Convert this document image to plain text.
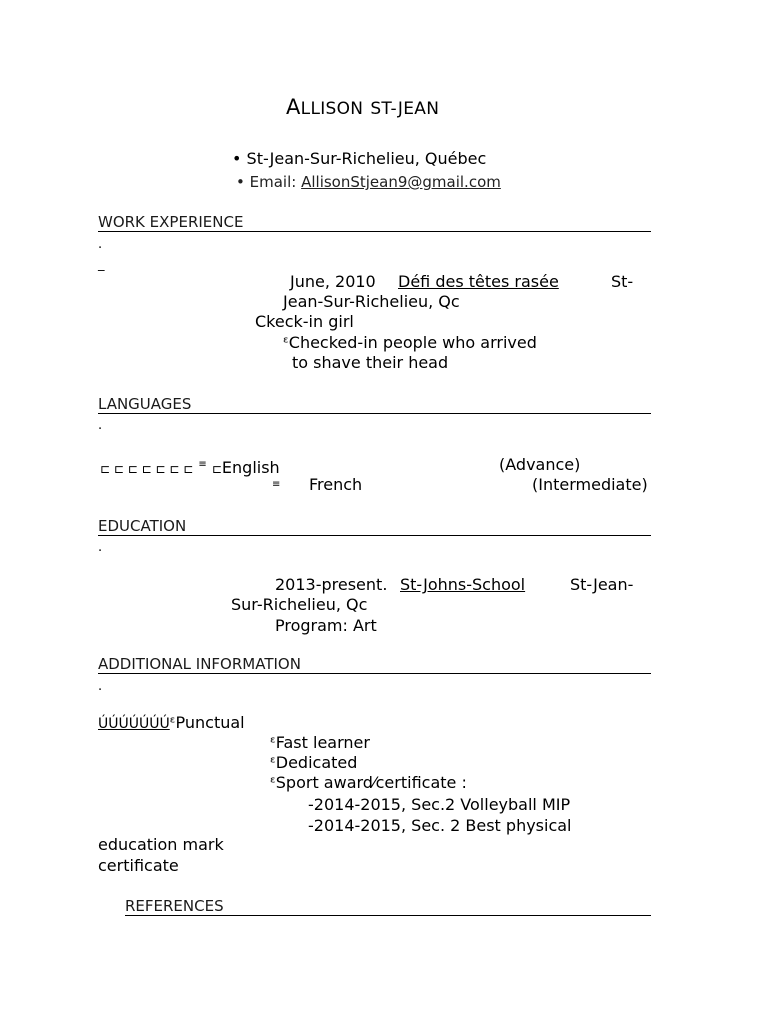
ALLISON ST-JEAN
• St-Jean-Sur-Richelieu, Québec
• Email: AllisonStjean9@gmail.com
WORK EXPERIENCE
.
_
June, 2010 Défi des têtes rasée	St-
Jean-Sur-Richelieu, Qc
Ckeck-in girl
ᵋChecked-in people who arrived
to shave their head
LANGUAGES
.
⊏ ⊏ ⊏ ⊏ ⊏ ⊏ ⊏ ≡ ⊏English	(Advance)
≡ French	(Intermediate)
EDUCATION
.
2013-present. St-Johns-School	St-Jean-
Sur-Richelieu, Qc
Program: Art
ADDITIONAL INFORMATION
.
ÚÚÚÚÚÚÚᵋPunctual
ᵋFast learner
ᵋDedicated
ᵋSport award⁄certificate :
-2014-2015, Sec.2 Volleyball MIP
-2014-2015, Sec. 2 Best physical
education mark
certificate
REFERENCES
